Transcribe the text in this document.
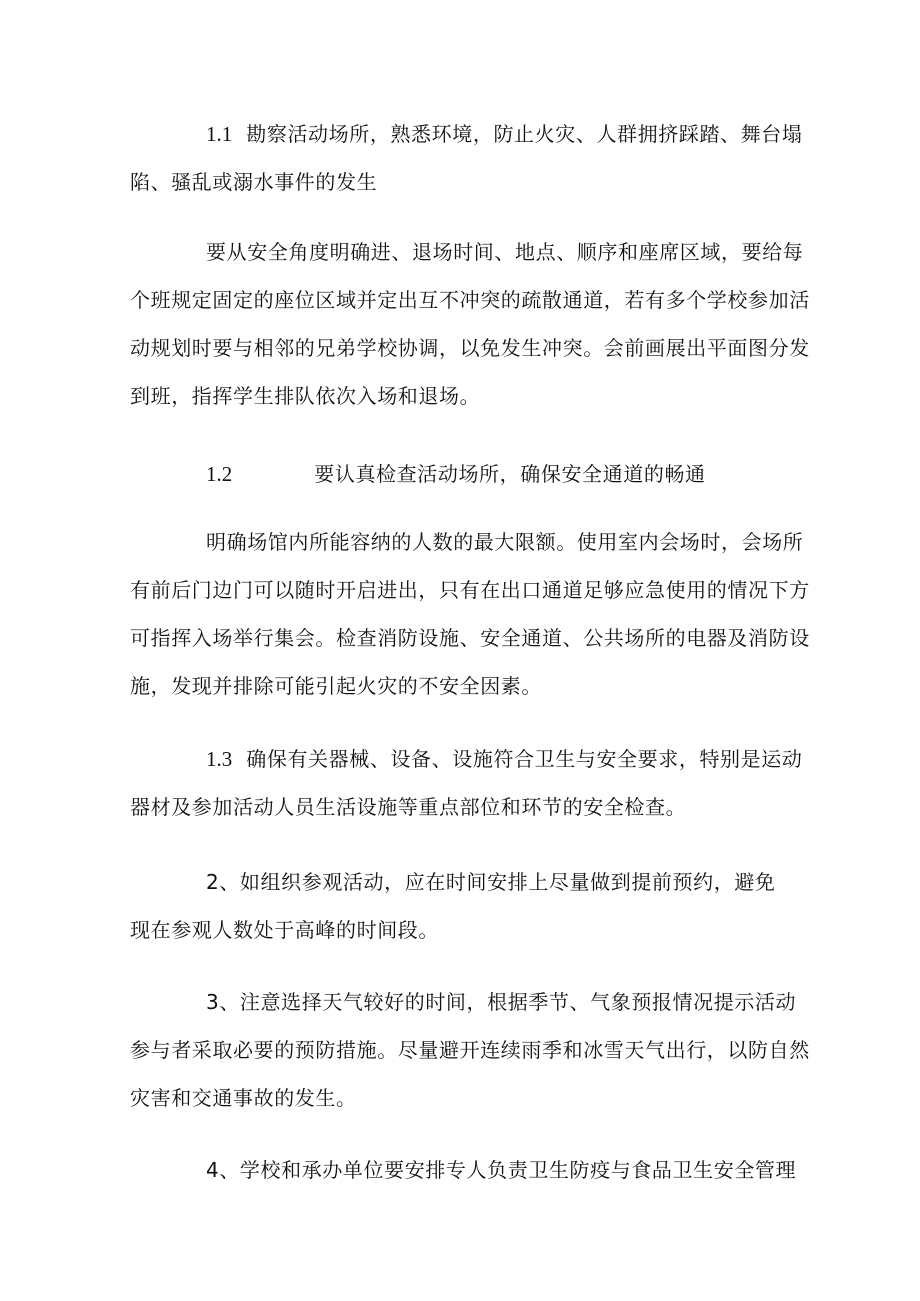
1.1 勘察活动场所，熟悉环境，防止火灾、人群拥挤踩踏、舞台塌
陷、骚乱或溺水事件的发生
要从安全角度明确进、退场时间、地点、顺序和座席区域，要给每
个班规定固定的座位区域并定出互不冲突的疏散通道，若有多个学校参加活
动规划时要与相邻的兄弟学校协调，以免发生冲突。会前画展出平面图分发
到班，指挥学生排队依次入场和退场。
1.2	要认真检查活动场所，确保安全通道的畅通
明确场馆内所能容纳的人数的最大限额。使用室内会场时，会场所
有前后门边门可以随时开启进出，只有在出口通道足够应急使用的情况下方
可指挥入场举行集会。检查消防设施、安全通道、公共场所的电器及消防设
施，发现并排除可能引起火灾的不安全因素。
1.3 确保有关器械、设备、设施符合卫生与安全要求，特别是运动
器材及参加活动人员生活设施等重点部位和环节的安全检查。
2、如组织参观活动，应在时间安排上尽量做到提前预约，避免
现在参观人数处于高峰的时间段。
3、注意选择天气较好的时间，根据季节、气象预报情况提示活动
参与者采取必要的预防措施。尽量避开连续雨季和冰雪天气出行，以防自然
灾害和交通事故的发生。
4、学校和承办单位要安排专人负责卫生防疫与食品卫生安全管理
